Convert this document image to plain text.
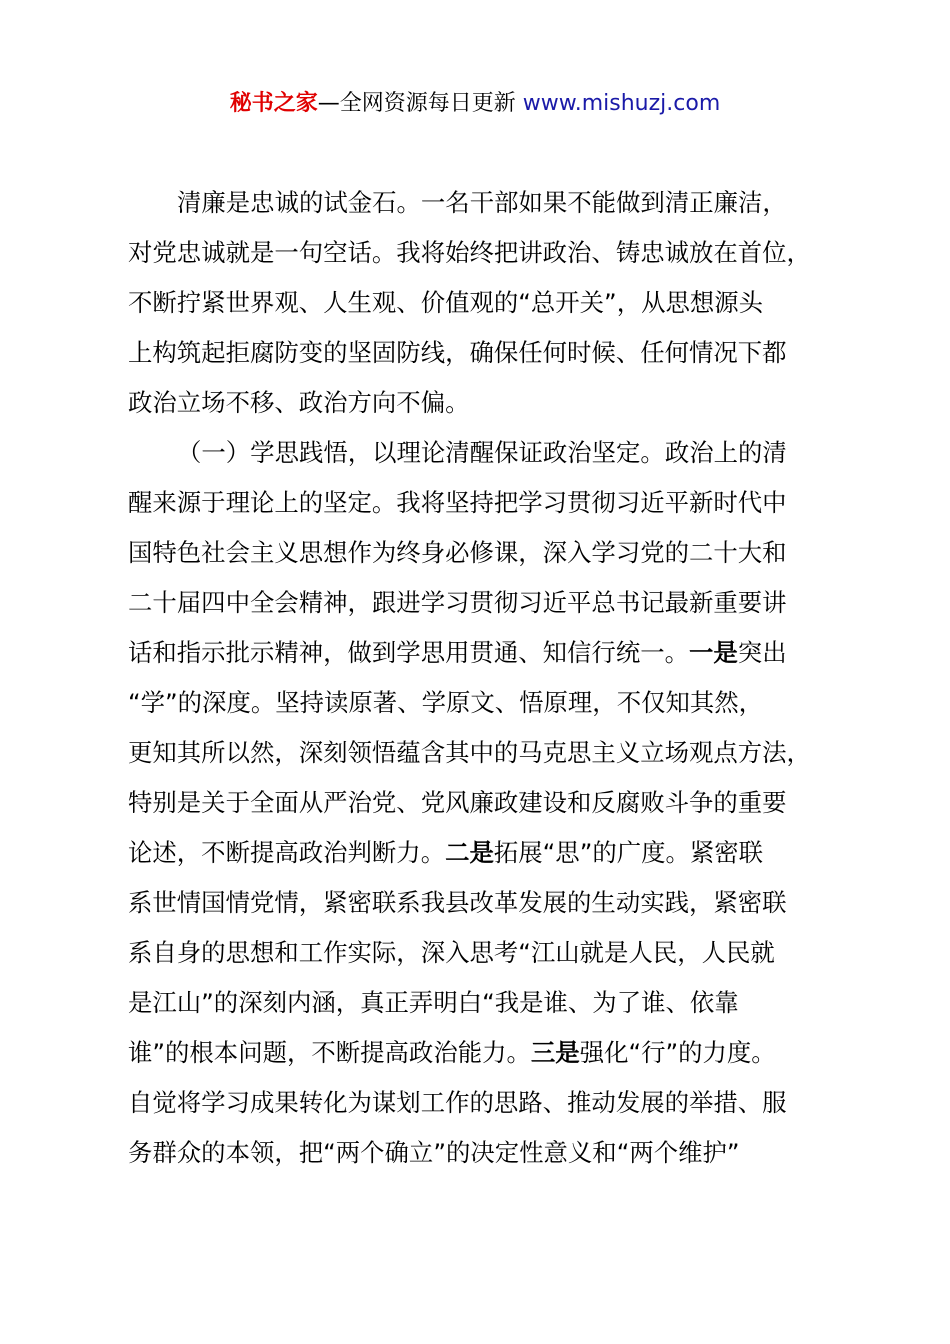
秘书之家—全网资源每日更新 www.mishuzj.com
清廉是忠诚的试金石。一名干部如果不能做到清正廉洁，
对党忠诚就是一句空话。我将始终把讲政治、铸忠诚放在首位，
不断拧紧世界观、人生观、价值观的“总开关”，从思想源头
上构筑起拒腐防变的坚固防线，确保任何时候、任何情况下都
政治立场不移、政治方向不偏。
（一）学思践悟，以理论清醒保证政治坚定。政治上的清
醒来源于理论上的坚定。我将坚持把学习贯彻习近平新时代中
国特色社会主义思想作为终身必修课，深入学习党的二十大和
二十届四中全会精神，跟进学习贯彻习近平总书记最新重要讲
话和指示批示精神，做到学思用贯通、知信行统一。一是突出
“学”的深度。坚持读原著、学原文、悟原理，不仅知其然，
更知其所以然，深刻领悟蕴含其中的马克思主义立场观点方法，
特别是关于全面从严治党、党风廉政建设和反腐败斗争的重要
论述，不断提高政治判断力。二是拓展“思”的广度。紧密联
系世情国情党情，紧密联系我县改革发展的生动实践，紧密联
系自身的思想和工作实际，深入思考“江山就是人民，人民就
是江山”的深刻内涵，真正弄明白“我是谁、为了谁、依靠
谁”的根本问题，不断提高政治能力。三是强化“行”的力度。
自觉将学习成果转化为谋划工作的思路、推动发展的举措、服
务群众的本领，把“两个确立”的决定性意义和“两个维护”
